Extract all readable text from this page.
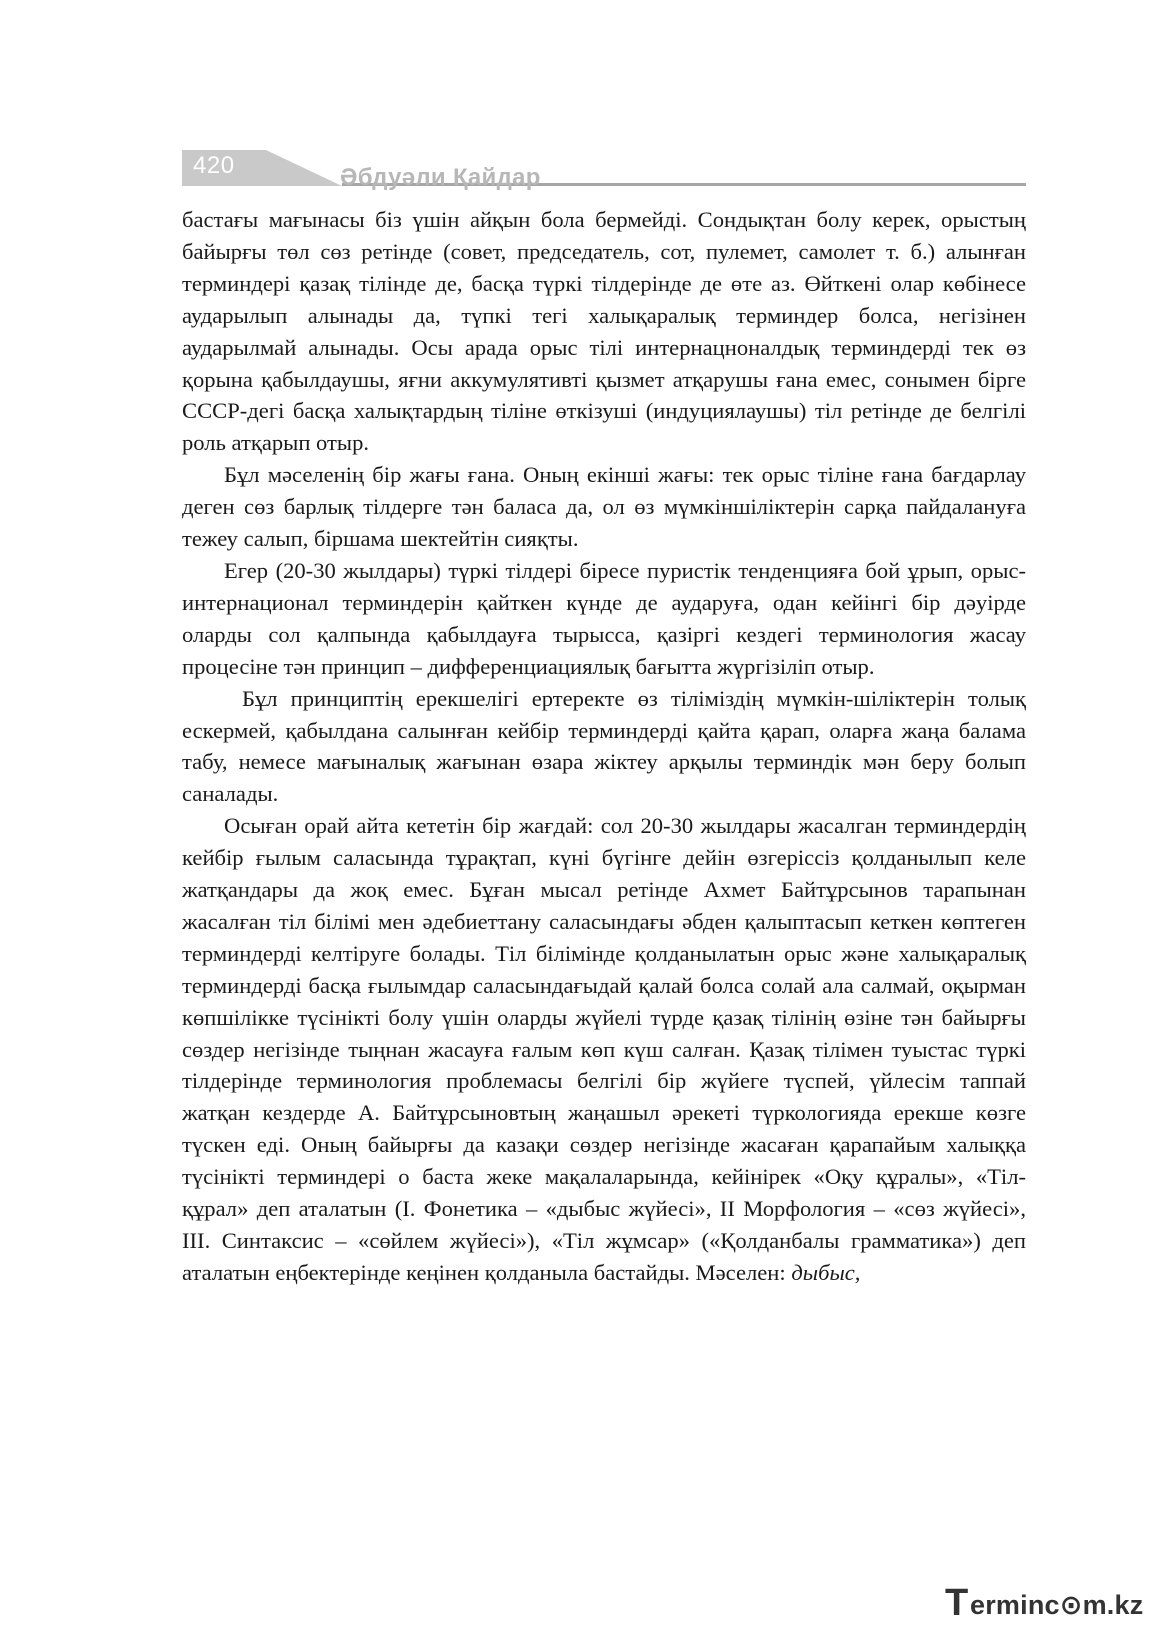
420	Әбдуәли Қайдар

бастағы мағынасы біз үшін айқын бола бермейді. Сондықтан болу керек, орыстың байырғы төл сөз ретінде (совет, председатель, сот, пулемет, самолет т. б.) алынған терминдері қазақ тілінде де, басқа түркі тілдерінде де өте аз. Өйткені олар көбінесе аударылып алынады да, түпкі тегі халықаралық терминдер болса, негізінен аударылмай алынады. Осы арада орыс тілі интернацноналдық терминдерді тек өз қорына қабылдаушы, яғни аккумулятивті қызмет атқарушы ғана емес, сонымен бірге СССР-дегі басқа халықтардың тіліне өткізуші (индуциялаушы) тіл ретінде де белгілі роль атқарып отыр.

Бұл мәселенің бір жағы ғана. Оның екінші жағы: тек орыс тіліне ғана бағдарлау деген сөз барлық тілдерге тән баласа да, ол өз мүмкіншіліктерін сарқа пайдалануға тежеу салып, біршама шектейтін сияқты.

Егер (20-30 жылдары) түркі тілдері біресе пуристік тенденцияға бой ұрып, орыс-интернационал терминдерін қайткен күнде де аударуға, одан кейінгі бір дәуірде оларды сол қалпында қабылдауға тырысса, қазіргі кездегі терминология жасау процесіне тән принцип – дифференциациялық бағытта жүргізіліп отыр.

Бұл принциптің ерекшелігі ертеректе өз тіліміздің мүмкін-шіліктерін толық ескермей, қабылдана салынған кейбір терминдерді қайта қарап, оларға жаңа балама табу, немесе мағыналық жағынан өзара жіктеу арқылы терминдік мән беру болып саналады.

Осыған орай айта кететін бір жағдай: сол 20-30 жылдары жасалган терминдердің кейбір ғылым саласында тұрақтап, күні бүгінге дейін өзгеріссіз қолданылып келе жатқандары да жоқ емес. Бұған мысал ретінде Ахмет Байтұрсынов тарапынан жасалған тіл білімі мен әдебиеттану саласындағы әбден қалыптасып кеткен көптеген терминдерді келтіруге болады. Тіл білімінде қолданылатын орыс және халықаралық терминдерді басқа ғылымдар саласындағыдай қалай болса солай ала салмай, оқырман көпшілікке түсінікті болу үшін оларды жүйелі түрде қазақ тілінің өзіне тән байырғы сөздер негізінде тыңнан жасауға ғалым көп күш салған. Қазақ тілімен туыстас түркі тілдерінде терминология проблемасы белгілі бір жүйеге түспей, үйлесім таппай жатқан кездерде А. Байтұрсыновтың жаңашыл әрекеті түркологияда ерекше көзге түскен еді. Оның байырғы да казақи сөздер негізінде жасаған қарапайым халыққа түсінікті терминдері о баста жеке мақалаларында, кейінірек «Оқу құралы», «Тіл-құрал» деп аталатын (I. Фонетика – «дыбыс жүйесі», II Морфология – «сөз жүйесі», III. Синтаксис – «сөйлем жүйесі»), «Тіл жұмсар» («Қолданбалы грамматика») деп аталатын еңбектерінде кеңінен қолданыла бастайды. Мәселен: дыбыс,

T erminc⊙m.kz
